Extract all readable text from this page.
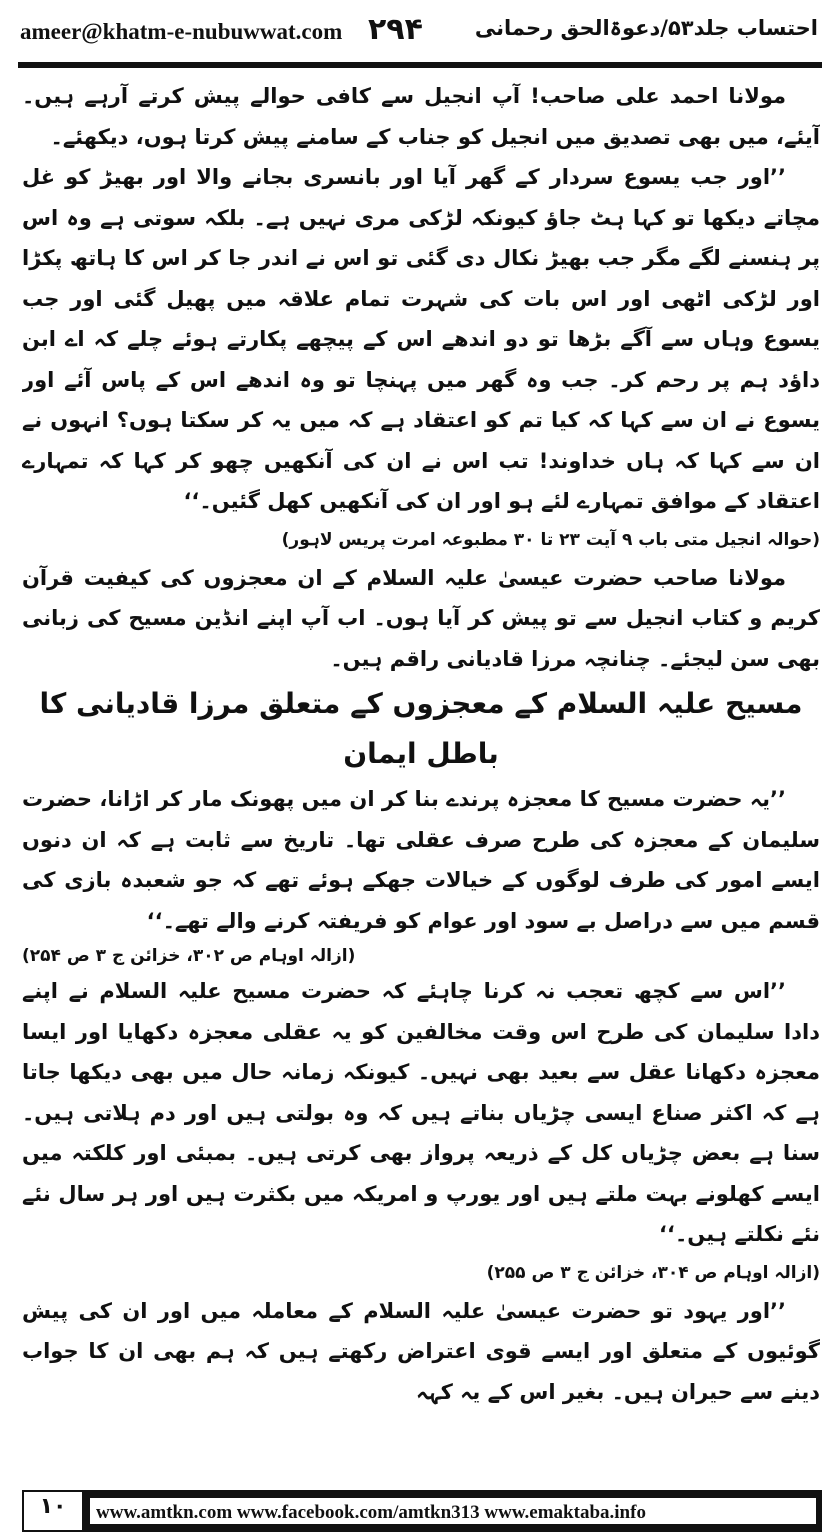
ameer@khatm-e-nubuwwat.com ۲۹۴ احتساب جلد۵۳/دعوۃالحق رحمانی

مولانا احمد علی صاحب! آپ انجیل سے کافی حوالے پیش کرتے آرہے ہیں۔ آیئے، میں بھی تصدیق میں انجیل کو جناب کے سامنے پیش کرتا ہوں، دیکھئے۔

’’اور جب یسوع سردار کے گھر آیا اور بانسری بجانے والا اور بھیڑ کو غل مچاتے دیکھا تو کہا ہٹ جاؤ کیونکہ لڑکی مری نہیں ہے۔ بلکہ سوتی ہے وہ اس پر ہنسنے لگے مگر جب بھیڑ نکال دی گئی تو اس نے اندر جا کر اس کا ہاتھ پکڑا اور لڑکی اٹھی اور اس بات کی شہرت تمام علاقہ میں پھیل گئی اور جب یسوع وہاں سے آگے بڑھا تو دو اندھے اس کے پیچھے پکارتے ہوئے چلے کہ اے ابن داؤد ہم پر رحم کر۔ جب وہ گھر میں پہنچا تو وہ اندھے اس کے پاس آئے اور یسوع نے ان سے کہا کہ کیا تم کو اعتقاد ہے کہ میں یہ کر سکتا ہوں؟ انہوں نے ان سے کہا کہ ہاں خداوند! تب اس نے ان کی آنکھیں چھو کر کہا کہ تمہارے اعتقاد کے موافق تمہارے لئے ہو اور ان کی آنکھیں کھل گئیں۔‘‘

(حوالہ انجیل متی باب ۹ آیت ۲۳ تا ۳۰ مطبوعہ امرت پریس لاہور)

مولانا صاحب حضرت عیسیٰ علیہ السلام کے ان معجزوں کی کیفیت قرآن کریم و کتاب انجیل سے تو پیش کر آیا ہوں۔ اب آپ اپنے انڈین مسیح کی زبانی بھی سن لیجئے۔ چنانچہ مرزا قادیانی راقم ہیں۔

مسیح علیہ السلام کے معجزوں کے متعلق مرزا قادیانی کا باطل ایمان

’’یہ حضرت مسیح کا معجزہ پرندے بنا کر ان میں پھونک مار کر اڑانا، حضرت سلیمان کے معجزہ کی طرح صرف عقلی تھا۔ تاریخ سے ثابت ہے کہ ان دنوں ایسے امور کی طرف لوگوں کے خیالات جھکے ہوئے تھے کہ جو شعبدہ بازی کی قسم میں سے دراصل بے سود اور عوام کو فریفتہ کرنے والے تھے۔‘‘

(ازالہ اوہام ص ۳۰۲، خزائن ج ۳ ص ۲۵۴)

’’اس سے کچھ تعجب نہ کرنا چاہئے کہ حضرت مسیح علیہ السلام نے اپنے دادا سلیمان کی طرح اس وقت مخالفین کو یہ عقلی معجزہ دکھایا اور ایسا معجزہ دکھانا عقل سے بعید بھی نہیں۔ کیونکہ زمانہ حال میں بھی دیکھا جاتا ہے کہ اکثر صناع ایسی چڑیاں بناتے ہیں کہ وہ بولتی ہیں اور دم ہلاتی ہیں۔ سنا ہے بعض چڑیاں کل کے ذریعہ پرواز بھی کرتی ہیں۔ بمبئی اور کلکتہ میں ایسے کھلونے بہت ملتے ہیں اور یورپ و امریکہ میں بکثرت ہیں اور ہر سال نئے نئے نکلتے ہیں۔‘‘

(ازالہ اوہام ص ۳۰۴، خزائن ج ۳ ص ۲۵۵)

’’اور یہود تو حضرت عیسیٰ علیہ السلام کے معاملہ میں اور ان کی پیش گوئیوں کے متعلق اور ایسے قوی اعتراض رکھتے ہیں کہ ہم بھی ان کا جواب دینے سے حیران ہیں۔ بغیر اس کے یہ کہہ

۱۰	www.amtkn.com www.facebook.com/amtkn313 www.emaktaba.info
